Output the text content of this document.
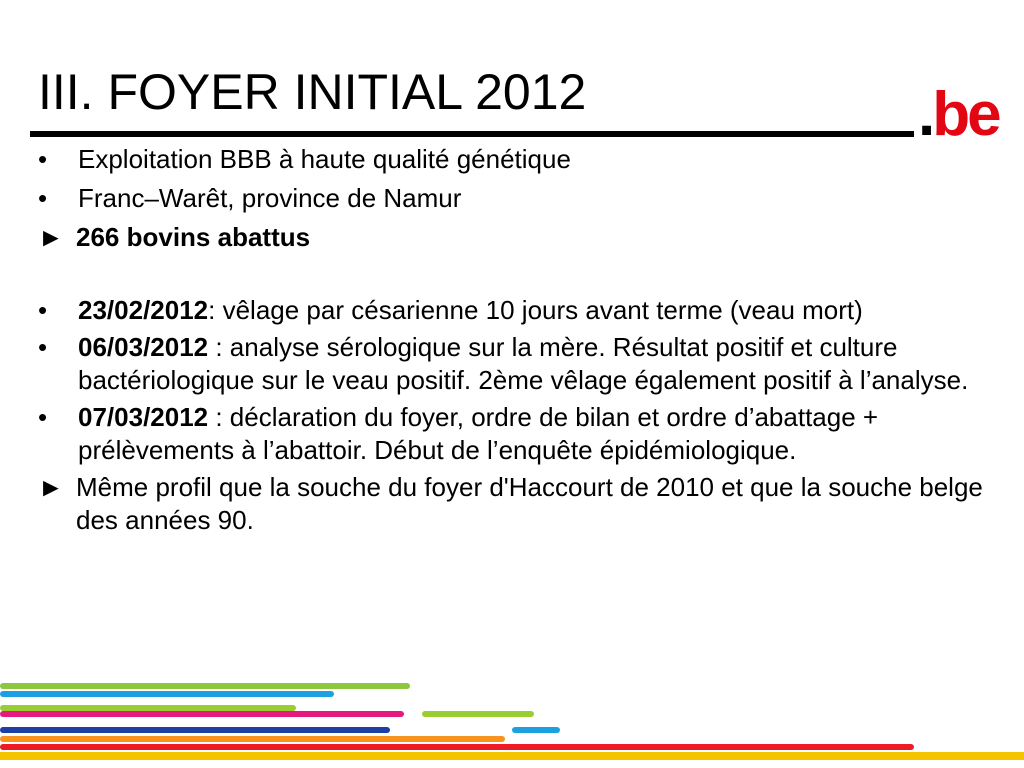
III. FOYER INITIAL 2012	.be
•	Exploitation BBB à haute qualité génétique
•	Franc–Warêt, province de Namur
► 266 bovins abattus
•	23/02/2012: vêlage par césarienne 10 jours avant terme (veau mort)
•	06/03/2012 : analyse sérologique sur la mère. Résultat positif et culture bactériologique sur le veau positif. 2ème vêlage également positif à l’analyse.
•	07/03/2012 : déclaration du foyer, ordre de bilan et ordre d’abattage + prélèvements à l’abattoir. Début de l’enquête épidémiologique.
► Même profil que la souche du foyer d'Haccourt de 2010 et que la souche belge des années 90.
